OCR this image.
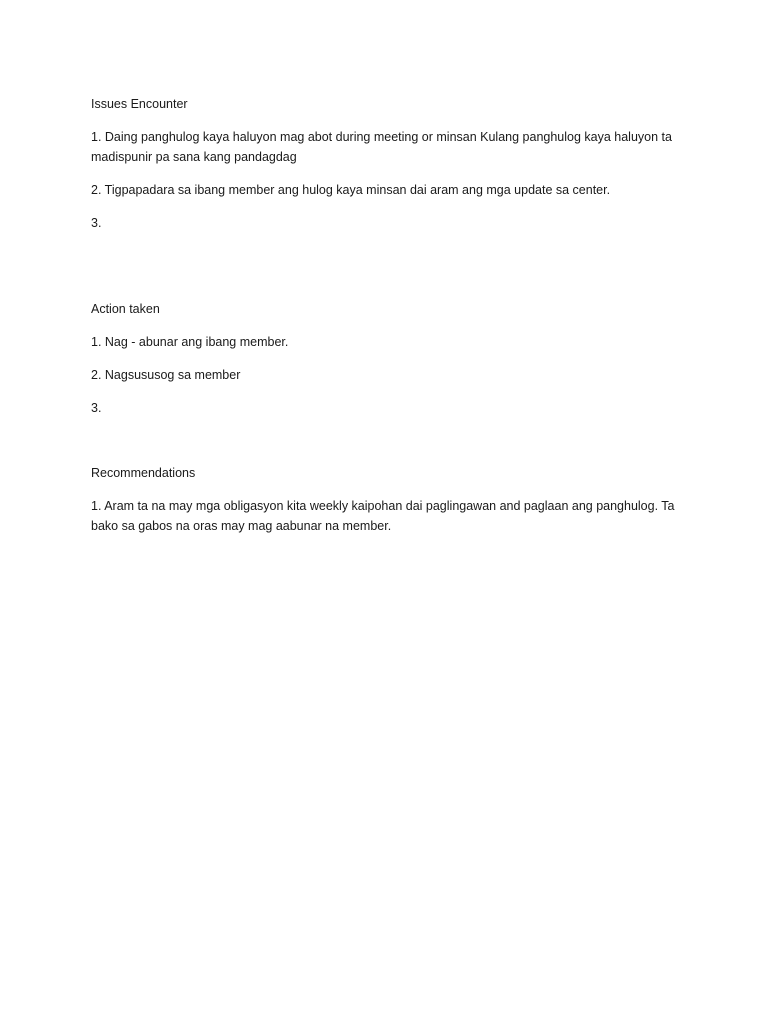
Issues Encounter

1. Daing panghulog kaya haluyon mag abot during meeting or minsan Kulang panghulog kaya haluyon ta madispunir pa sana kang pandagdag

2. Tigpapadara sa ibang member ang hulog kaya minsan dai aram ang mga update sa center.

3.

Action taken

1. Nag - abunar ang ibang member.

2. Nagsususog sa member

3.

Recommendations

1. Aram ta na may mga obligasyon kita weekly kaipohan dai paglingawan and paglaan ang panghulog. Ta bako sa gabos na oras may mag aabunar na member.
